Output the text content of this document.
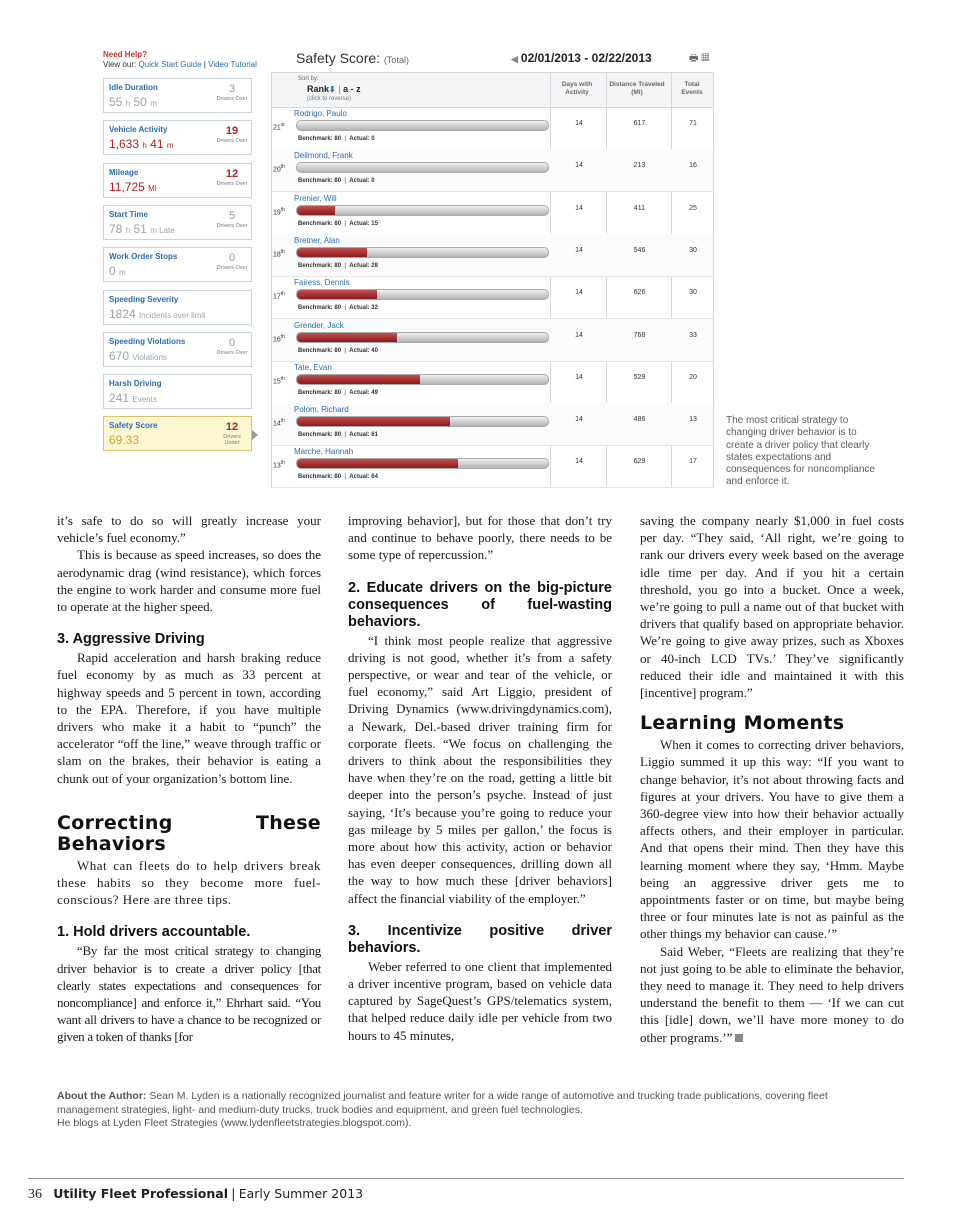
Need Help?
View our: Quick Start Guide | Video Tutorial
Idle Duration
55 h 50 m
3
Drivers Over
Vehicle Activity
1,633 h 41 m
19
Drivers Over
Mileage
11,725 Mi
12
Drivers Over
Start Time
78 h 51 m Late
5
Drivers Over
Work Order Stops
0 m
0
Drivers Over
Speeding Severity
1824 Incidents over limit
Speeding Violations
670 Violations
0
Drivers Over
Harsh Driving
241 Events
Safety Score
69.33
12
Drivers Under
Safety Score: (Total)	◀ 02/01/2013 - 02/22/2013	🖶 ▦
Sort by:
Rank⬇ | a - z
(click to reverse)
Days with Activity
Distance Traveled (Mi)
Total Events
Rodrigo, Paulo
21st
Benchmark: 80  |  Actual: 0
14	617	71
Deilmond, Frank
20th
Benchmark: 80  |  Actual: 0
14	213	16
Prenier, Will
19th
Benchmark: 80  |  Actual: 15
14	411	25
Bretner, Alan
18th
Benchmark: 80  |  Actual: 28
14	546	30
Fairess, Dennis
17th
Benchmark: 80  |  Actual: 32
14	626	30
Grender, Jack
16th
Benchmark: 80  |  Actual: 40
14	768	33
Tate, Evan
15th
Benchmark: 80  |  Actual: 49
14	529	20
Polom, Richard
14th
Benchmark: 80  |  Actual: 61
14	486	13
Marche, Hannah
13th
Benchmark: 80  |  Actual: 64
14	629	17
The most critical strategy to changing driver behavior is to create a driver policy that clearly states expectations and consequences for noncompliance and enforce it.

it’s safe to do so will greatly increase your vehicle’s fuel economy.”

This is because as speed increases, so does the aerodynamic drag (wind resistance), which forces the engine to work harder and consume more fuel to operate at the higher speed.

3. Aggressive Driving

Rapid acceleration and harsh braking reduce fuel economy by as much as 33 percent at highway speeds and 5 percent in town, according to the EPA. Therefore, if you have multiple drivers who make it a habit to “punch” the accelerator “off the line,” weave through traffic or slam on the brakes, their behavior is eating a chunk out of your organization’s bottom line.

Correcting These Behaviors

What can fleets do to help drivers break these habits so they become more fuel-conscious? Here are three tips.

1. Hold drivers accountable.

“By far the most critical strategy to changing driver behavior is to create a driver policy [that clearly states expectations and consequences for noncompliance] and enforce it,” Ehrhart said. “You want all drivers to have a chance to be recognized or given a token of thanks [for

improving behavior], but for those that don’t try and continue to behave poorly, there needs to be some type of repercussion.”

2. Educate drivers on the big-picture consequences of fuel-wasting behaviors.

“I think most people realize that aggressive driving is not good, whether it’s from a safety perspective, or wear and tear of the vehicle, or fuel economy,” said Art Liggio, president of Driving Dynamics (www.drivingdynamics.com), a Newark, Del.-based driver training firm for corporate fleets. “We focus on challenging the drivers to think about the responsibilities they have when they’re on the road, getting a little bit deeper into the person’s psyche. Instead of just saying, ‘It’s because you’re going to reduce your gas mileage by 5 miles per gallon,’ the focus is more about how this activity, action or behavior has even deeper consequences, drilling down all the way to how much these [driver behaviors] affect the financial viability of the employer.”

3. Incentivize positive driver behaviors.

Weber referred to one client that implemented a driver incentive program, based on vehicle data captured by SageQuest’s GPS/telematics system, that helped reduce daily idle per vehicle from two hours to 45 minutes,

saving the company nearly $1,000 in fuel costs per day. “They said, ‘All right, we’re going to rank our drivers every week based on the average idle time per day. And if you hit a certain threshold, you go into a bucket. Once a week, we’re going to pull a name out of that bucket with drivers that qualify based on appropriate behavior. We’re going to give away prizes, such as Xboxes or 40-inch LCD TVs.’ They’ve significantly reduced their idle and maintained it with this [incentive] program.”

Learning Moments

When it comes to correcting driver behaviors, Liggio summed it up this way: “If you want to change behavior, it’s not about throwing facts and figures at your drivers. You have to give them a 360-degree view into how their behavior actually affects others, and their employer in particular. And that opens their mind. Then they have this learning moment where they say, ‘Hmm. Maybe being an aggressive driver gets me to appointments faster or on time, but maybe being three or four minutes late is not as painful as the other things my behavior can cause.’”

Said Weber, “Fleets are realizing that they’re not just going to be able to eliminate the behavior, they need to manage it. They need to help drivers understand the benefit to them — ‘If we can cut this [idle] down, we’ll have more money to do other programs.’”

About the Author: Sean M. Lyden is a nationally recognized journalist and feature writer for a wide range of automotive and trucking trade publications, covering fleet management strategies, light- and medium-duty trucks, truck bodies and equipment, and green fuel technologies.
He blogs at Lyden Fleet Strategies (www.lydenfleetstrategies.blogspot.com).
36 Utility Fleet Professional | Early Summer 2013
